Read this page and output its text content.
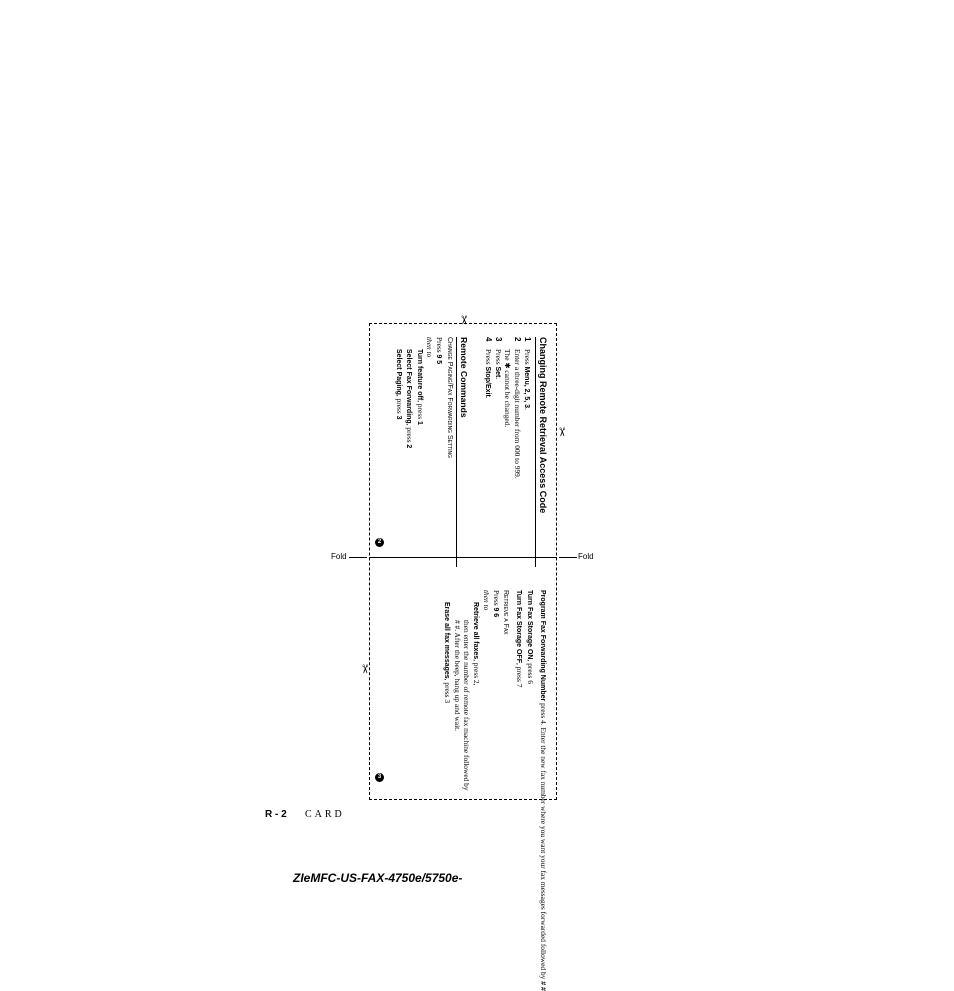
Fold	Fold
✂
✂
✂
Changing Remote Retrieval Access Code
1
Press Menu, 2, 5, 3.
2
Enter a three-digit number from 000 to 999.
The ✱ cannot be changed.
3
Press Set.
4
Press Stop/Exit.
Remote Commands
Change Paging/Fax Forwarding Setting
Press 9 5
then to
Turn feature off, press 1
Select Fax Forwarding, press 2
Select Paging, press 3
2
Program Fax Forwarding Number press 4. Enter the new fax number where you want your fax messages forwarded followed by # #
Turn Fax Storage ON, press 6
Turn Fax Storage OFF, press 7
Retrieve a Fax
Press 9 6
then to
Retrieve all faxes, press 2,
then enter the number of remote fax machine followed by
# #. After the beep, hang up and wait.
Erase all fax messages, press 3
3
R - 2 CARD
ZIeMFC-US-FAX-4750e/5750e-
